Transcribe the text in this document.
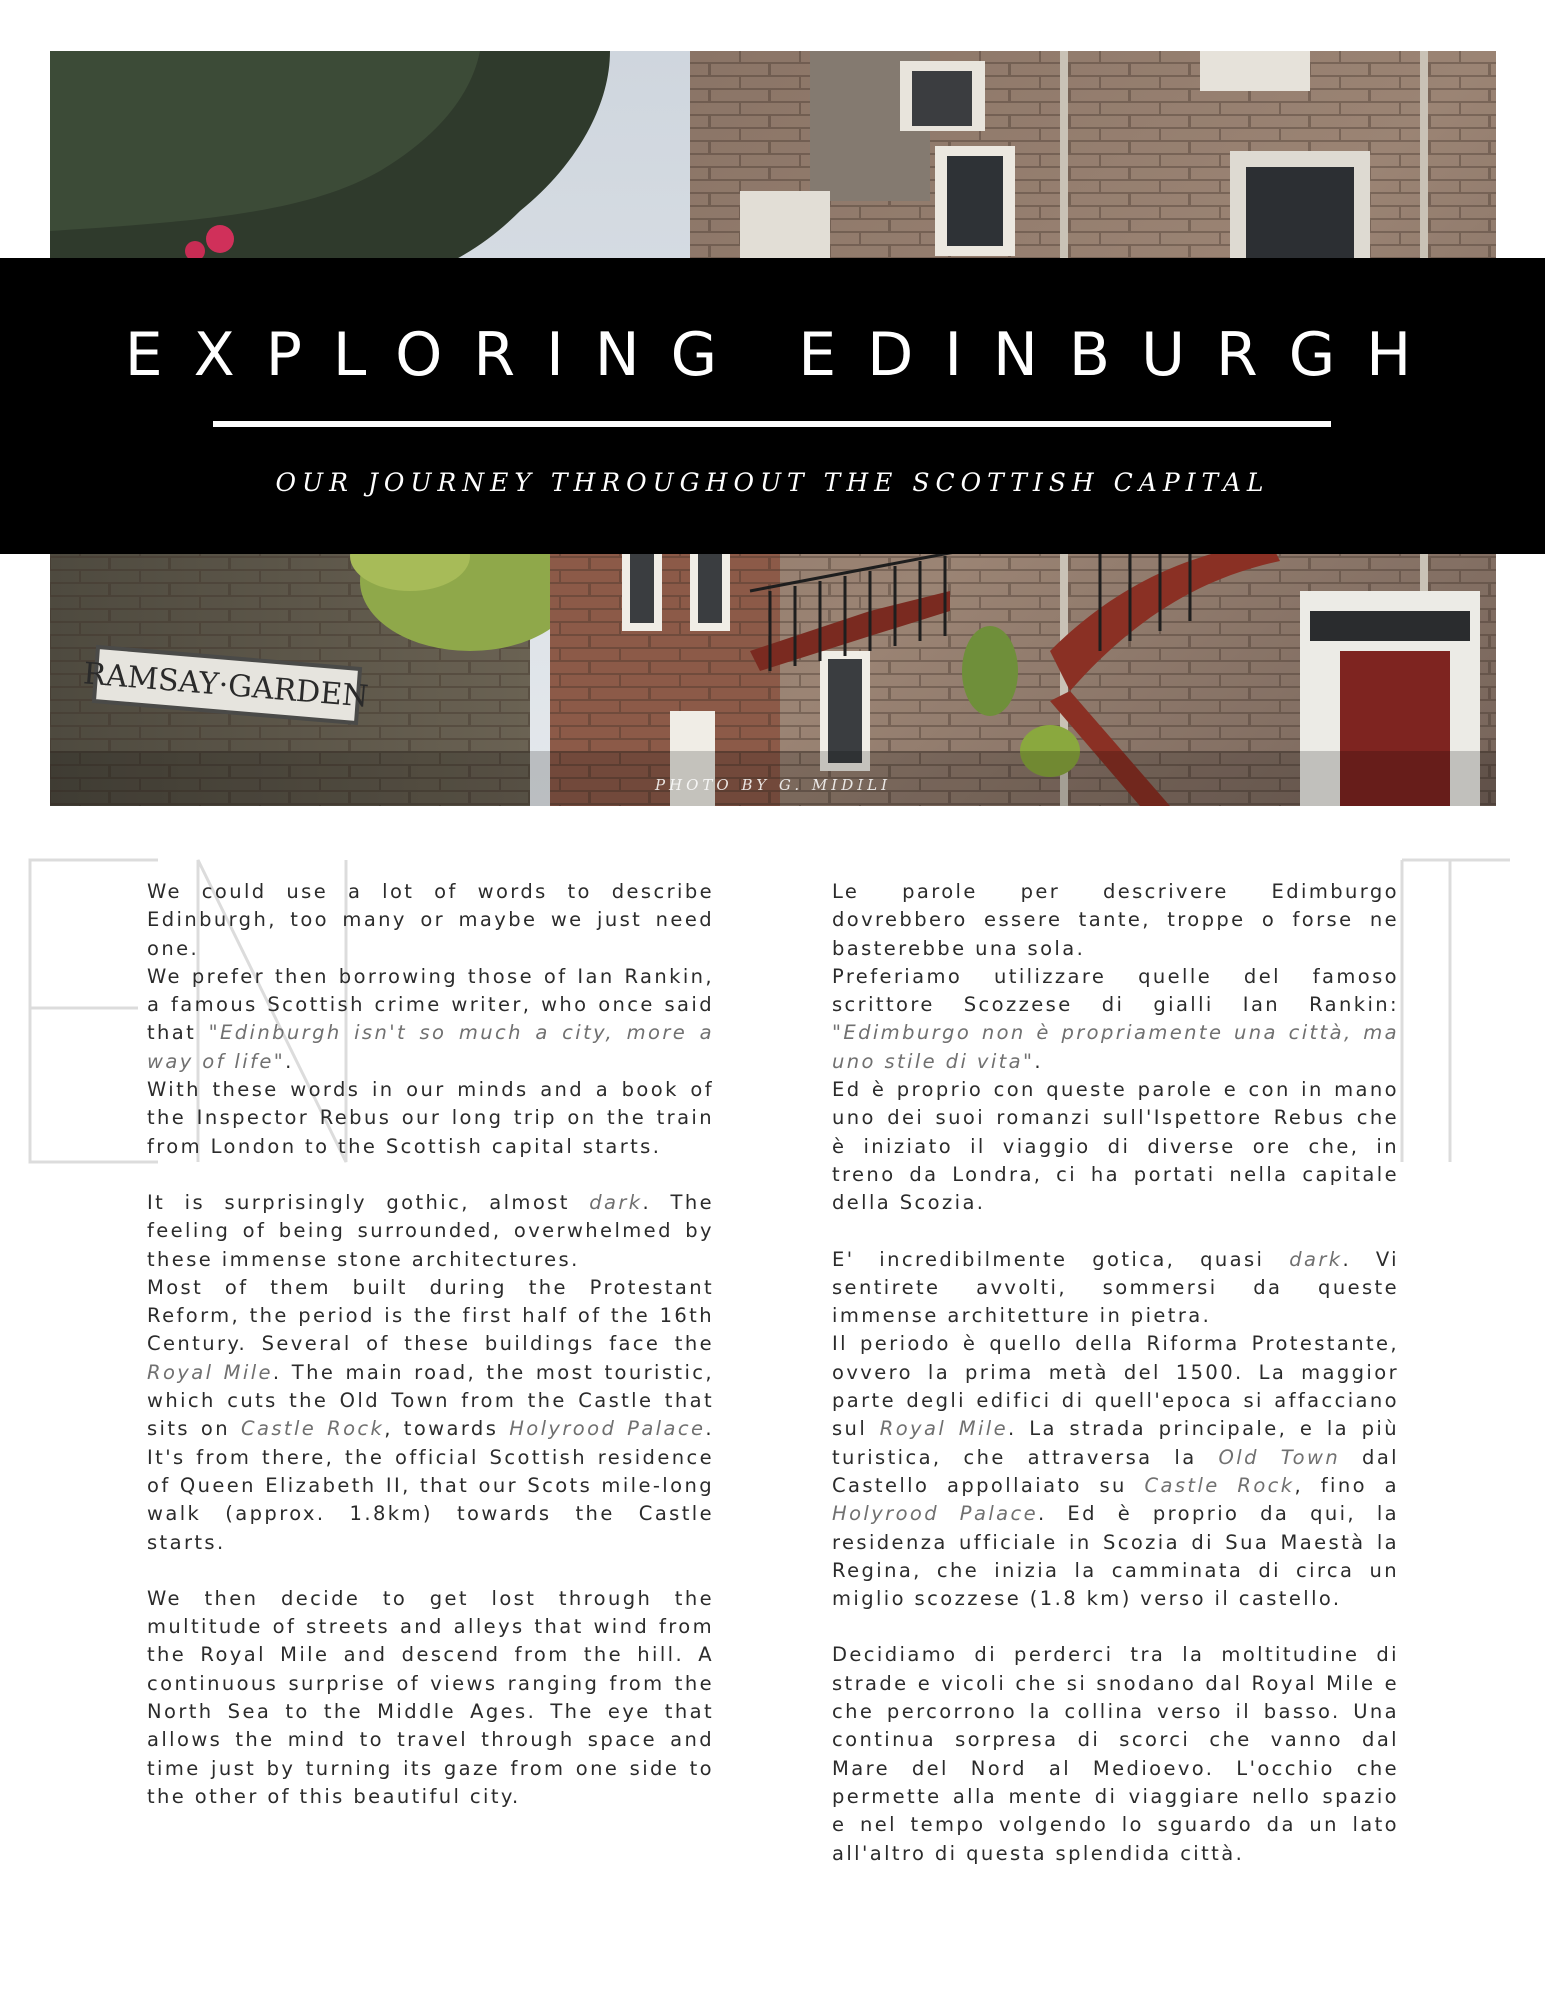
RAMSAY·GARDEN
PHOTO BY G. MIDILI
EXPLORING EDINBURGH
OUR JOURNEY THROUGHOUT THE SCOTTISH CAPITAL

We could use a lot of words to describe Edinburgh, too many or maybe we just need one.

We prefer then borrowing those of Ian Rankin, a famous Scottish crime writer, who once said that "Edinburgh isn't so much a city, more a way of life".

With these words in our minds and a book of the Inspector Rebus our long trip on the train from London to the Scottish capital starts.

It is surprisingly gothic, almost dark. The feeling of being surrounded, overwhelmed by these immense stone architectures.

Most of them built during the Protestant Reform, the period is the first half of the 16th Century. Several of these buildings face the Royal Mile. The main road, the most touristic, which cuts the Old Town from the Castle that sits on Castle Rock, towards Holyrood Palace. It's from there, the official Scottish residence of Queen Elizabeth II, that our Scots mile-long walk (approx. 1.8km) towards the Castle starts.

We then decide to get lost through the multitude of streets and alleys that wind from the Royal Mile and descend from the hill. A continuous surprise of views ranging from the North Sea to the Middle Ages. The eye that allows the mind to travel through space and time just by turning its gaze from one side to the other of this beautiful city.

Le parole per descrivere Edimburgo dovrebbero essere tante, troppe o forse ne basterebbe una sola.

Preferiamo utilizzare quelle del famoso scrittore Scozzese di gialli Ian Rankin: "Edimburgo non è propriamente una città, ma uno stile di vita".

Ed è proprio con queste parole e con in mano uno dei suoi romanzi sull'Ispettore Rebus che è iniziato il viaggio di diverse ore che, in treno da Londra, ci ha portati nella capitale della Scozia.

E' incredibilmente gotica, quasi dark. Vi sentirete avvolti, sommersi da queste immense architetture in pietra.

Il periodo è quello della Riforma Protestante, ovvero la prima metà del 1500. La maggior parte degli edifici di quell'epoca si affacciano sul Royal Mile. La strada principale, e la più turistica, che attraversa la Old Town dal Castello appollaiato su Castle Rock, fino a Holyrood Palace. Ed è proprio da qui, la residenza ufficiale in Scozia di Sua Maestà la Regina, che inizia la camminata di circa un miglio scozzese (1.8 km) verso il castello.

Decidiamo di perderci tra la moltitudine di strade e vicoli che si snodano dal Royal Mile e che percorrono la collina verso il basso. Una continua sorpresa di scorci che vanno dal Mare del Nord al Medioevo. L'occhio che permette alla mente di viaggiare nello spazio e nel tempo volgendo lo sguardo da un lato all'altro di questa splendida città.
